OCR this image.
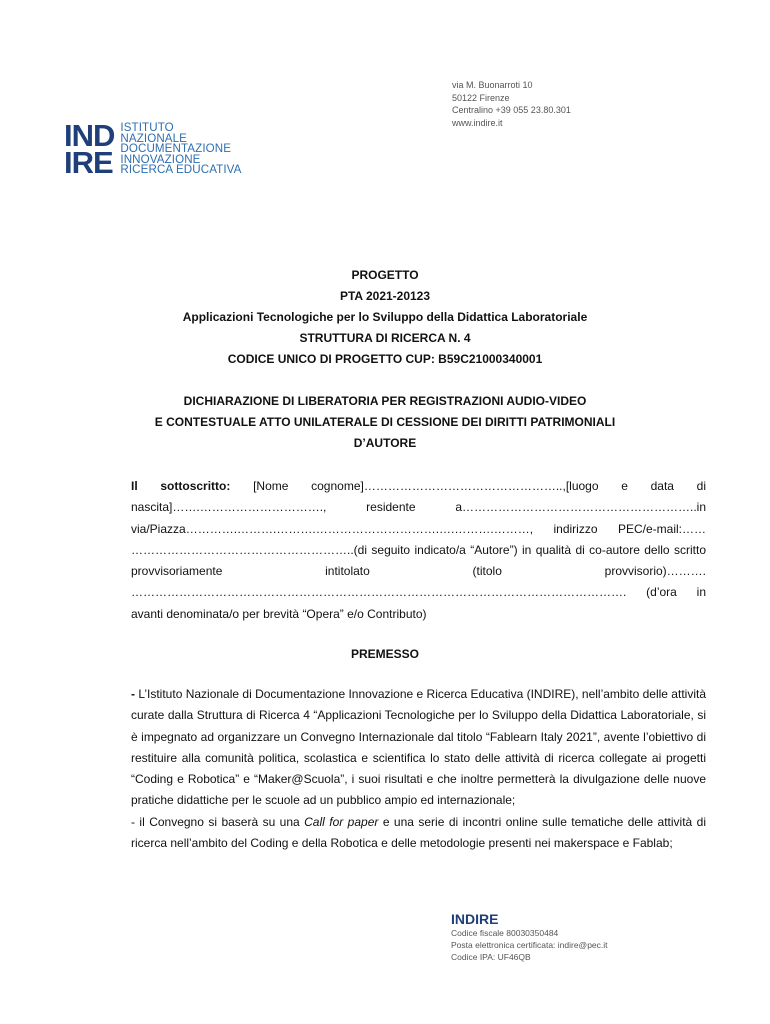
via M. Buonarroti 10
50122 Firenze
Centralino +39 055 23.80.301
www.indire.it
IND
IRE
ISTITUTO
NAZIONALE
DOCUMENTAZIONE
INNOVAZIONE
RICERCA EDUCATIVA
PROGETTO
PTA 2021-20123
Applicazioni Tecnologiche per lo Sviluppo della Didattica Laboratoriale
STRUTTURA DI RICERCA N. 4
CODICE UNICO DI PROGETTO CUP: B59C21000340001
DICHIARAZIONE DI LIBERATORIA PER REGISTRAZIONI AUDIO-VIDEO
E CONTESTUALE ATTO UNILATERALE DI CESSIONE DEI DIRITTI PATRIMONIALI
D’AUTORE

Il sottoscritto: [Nome cognome]…………………………………………..,[luogo e data di nascita]…….…………………………., residente a…………………………………………………..in via/Piazza………….……….……….………………………….….……….………, indirizzo PEC/e-mail:…… ………………………………………………..(di seguito indicato/a “Autore”) in qualità di co-autore dello scritto provvisoriamente intitolato (titolo provvisorio)………. ……………………………………………………………………………………………………………. (d’ora in avanti denominata/o per brevità “Opera” e/o Contributo)

PREMESSO

- L’Istituto Nazionale di Documentazione Innovazione e Ricerca Educativa (INDIRE), nell’ambito delle attività curate dalla Struttura di Ricerca 4 “Applicazioni Tecnologiche per lo Sviluppo della Didattica Laboratoriale, si è impegnato ad organizzare un Convegno Internazionale dal titolo “Fablearn Italy 2021”, avente l’obiettivo di restituire alla comunità politica, scolastica e scientifica lo stato delle attività di ricerca collegate ai progetti “Coding e Robotica” e “Maker@Scuola”, i suoi risultati e che inoltre permetterà la divulgazione delle nuove pratiche didattiche per le scuole ad un pubblico ampio ed internazionale;

- il Convegno si baserà su una Call for paper e una serie di incontri online sulle tematiche delle attività di ricerca nell’ambito del Coding e della Robotica e delle metodologie presenti nei makerspace e Fablab;

INDIRE
Codice fiscale 80030350484
Posta elettronica certificata: indire@pec.it
Codice IPA: UF46QB
